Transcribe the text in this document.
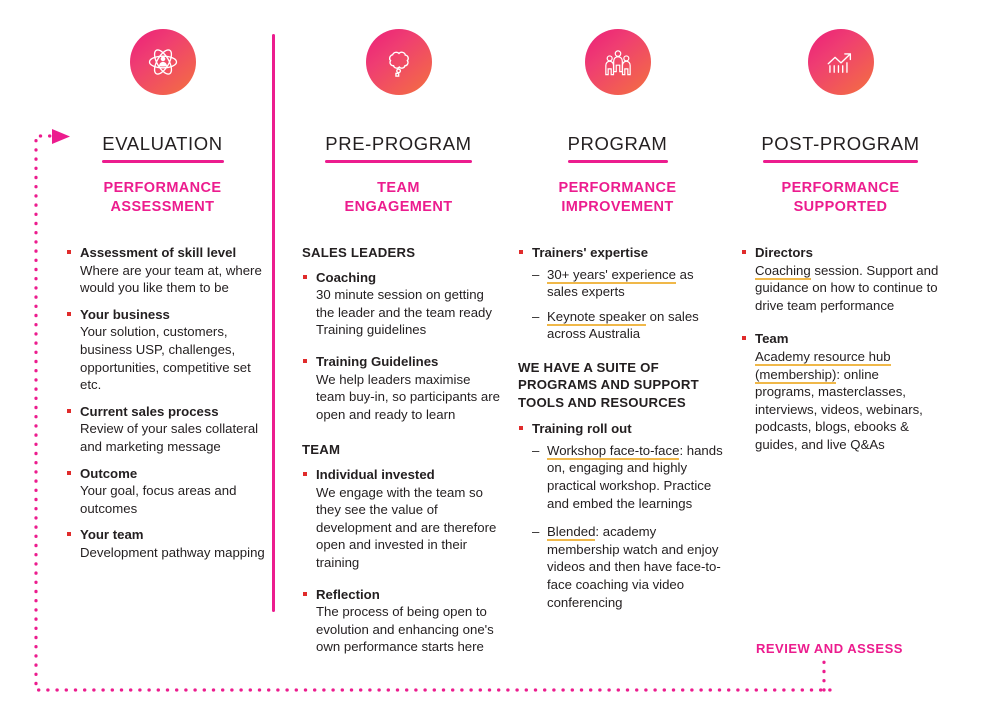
EVALUATION
PERFORMANCE
ASSESSMENT
Assessment of skill level
Where are your team at, where would you like them to be
Your business
Your solution, customers, business USP, challenges, opportunities, competitive set etc.
Current sales process
Review of your sales collateral and marketing message
Outcome
Your goal, focus areas and outcomes
Your team
Development pathway mapping
PRE-PROGRAM
TEAM
ENGAGEMENT
SALES LEADERS
Coaching
30 minute session on getting the leader and the team ready Training guidelines
Training Guidelines
We help leaders maximise team buy-in, so participants are open and ready to learn
TEAM
Individual invested
We engage with the team so they see the value of development and are therefore open and invested in their training
Reflection
The process of being open to evolution and enhancing one's own performance starts here
PROGRAM
PERFORMANCE
IMPROVEMENT
Trainers' expertise
– 30+ years' experience as sales experts
– Keynote speaker on sales across Australia
WE HAVE A SUITE OF PROGRAMS AND SUPPORT TOOLS AND RESOURCES
Training roll out
– Workshop face-to-face: hands on, engaging and highly practical workshop. Practice and embed the learnings
– Blended: academy membership watch and enjoy videos and then have face-to-face coaching via video conferencing
POST-PROGRAM
PERFORMANCE
SUPPORTED
Directors
Coaching session. Support and guidance on how to continue to drive team performance
Team
Academy resource hub (membership): online programs, masterclasses, interviews, videos, webinars, podcasts, blogs, ebooks & guides, and live Q&As
REVIEW AND ASSESS
